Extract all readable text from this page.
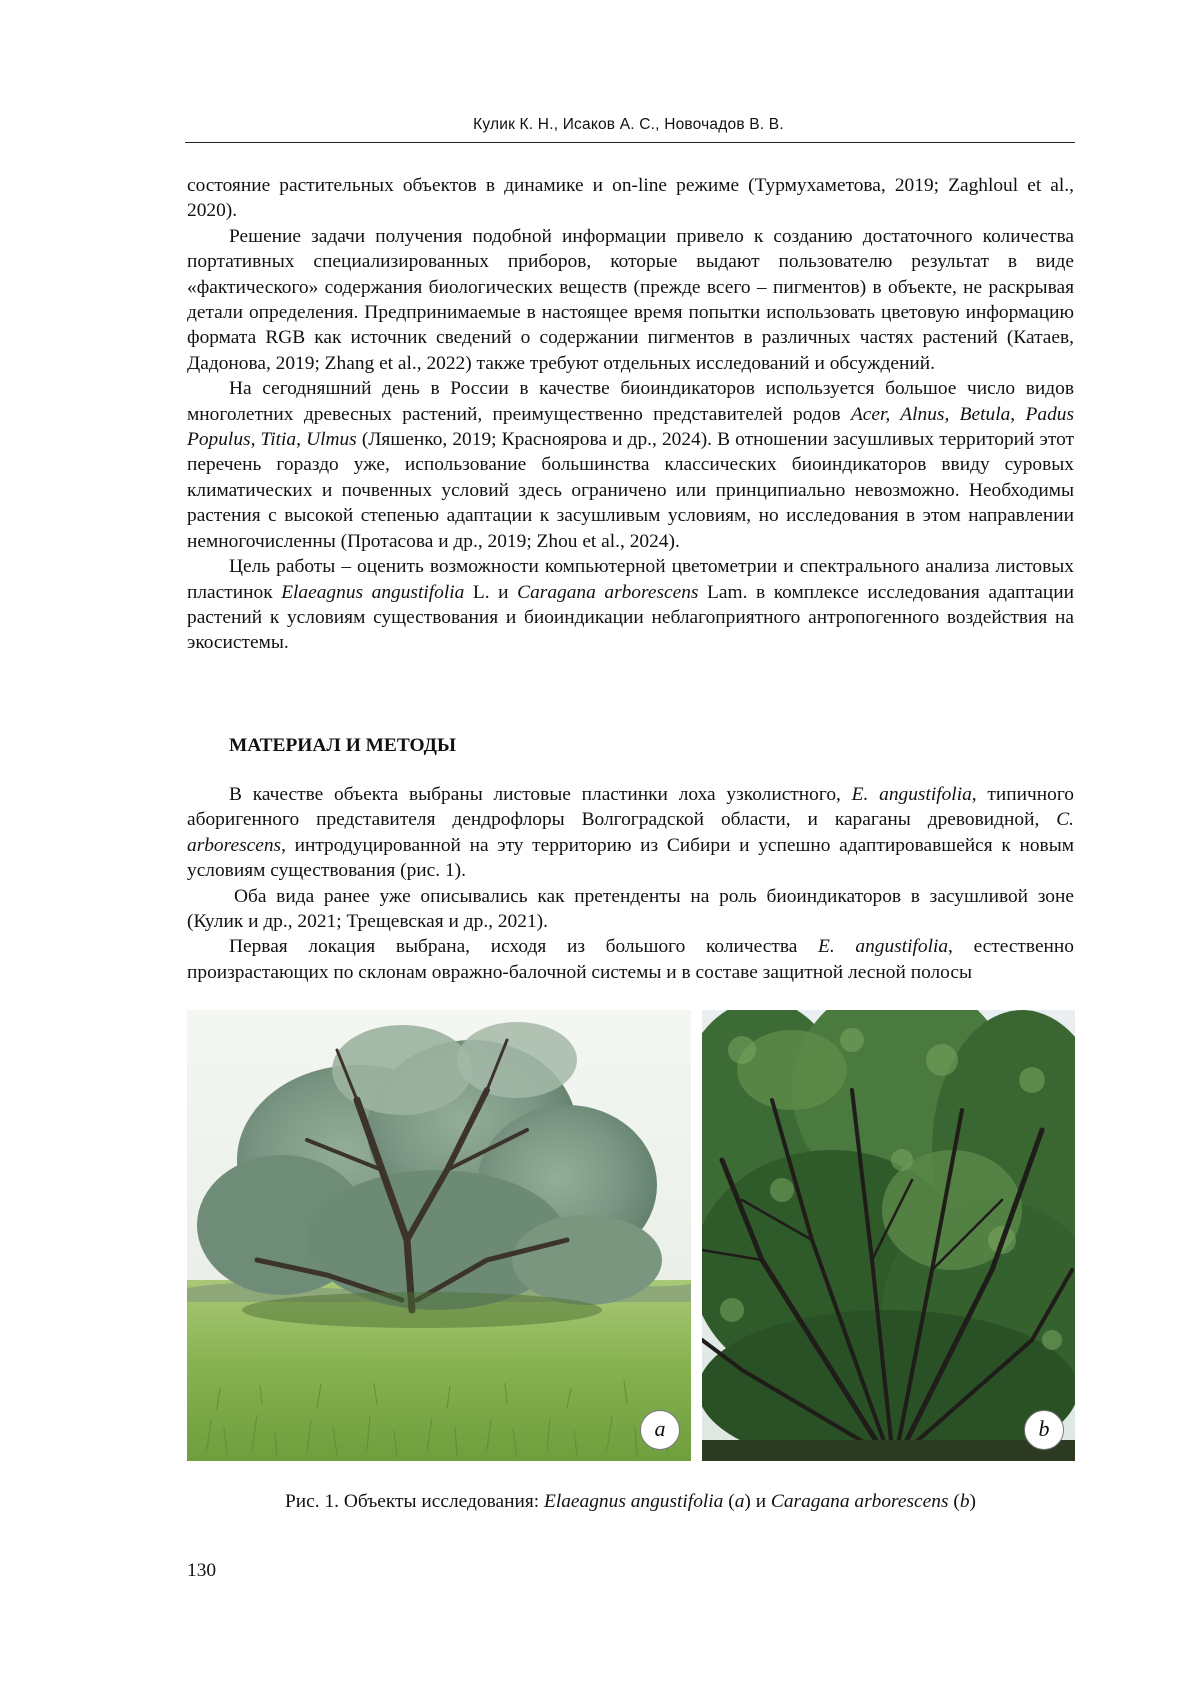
Кулик К. Н., Исаков А. С., Новочадов В. В.

состояние растительных объектов в динамике и on-line режиме (Турмухаметова, 2019; Zaghloul et al., 2020).

Решение задачи получения подобной информации привело к созданию достаточного количества портативных специализированных приборов, которые выдают пользователю результат в виде «фактического» содержания биологических веществ (прежде всего – пигментов) в объекте, не раскрывая детали определения. Предпринимаемые в настоящее время попытки использовать цветовую информацию формата RGB как источник сведений о содержании пигментов в различных частях растений (Катаев, Дадонова, 2019; Zhang et al., 2022) также требуют отдельных исследований и обсуждений.

На сегодняшний день в России в качестве биоиндикаторов используется большое число видов многолетних древесных растений, преимущественно представителей родов Acer, Alnus, Betula, Padus Populus, Titia, Ulmus (Ляшенко, 2019; Красноярова и др., 2024). В отношении засушливых территорий этот перечень гораздо уже, использование большинства классических биоиндикаторов ввиду суровых климатических и почвенных условий здесь ограничено или принципиально невозможно. Необходимы растения с высокой степенью адаптации к засушливым условиям, но исследования в этом направлении немногочисленны (Протасова и др., 2019; Zhou et al., 2024).

Цель работы – оценить возможности компьютерной цветометрии и спектрального анализа листовых пластинок Elaeagnus angustifolia L. и Caragana arborescens Lam. в комплексе исследования адаптации растений к условиям существования и биоиндикации неблагоприятного антропогенного воздействия на экосистемы.

МАТЕРИАЛ И МЕТОДЫ

В качестве объекта выбраны листовые пластинки лоха узколистного, E. angustifolia, типичного аборигенного представителя дендрофлоры Волгоградской области, и караганы древовидной, C. arborescens, интродуцированной на эту территорию из Сибири и успешно адаптировавшейся к новым условиям существования (рис. 1).

Оба вида ранее уже описывались как претенденты на роль биоиндикаторов в засушливой зоне (Кулик и др., 2021; Трещевская и др., 2021).

Первая локация выбрана, исходя из большого количества E. angustifolia, естественно произрастающих по склонам овражно-балочной системы и в составе защитной лесной полосы

a	b
Рис. 1. Объекты исследования: Elaeagnus angustifolia (a) и Caragana arborescens (b)
130
